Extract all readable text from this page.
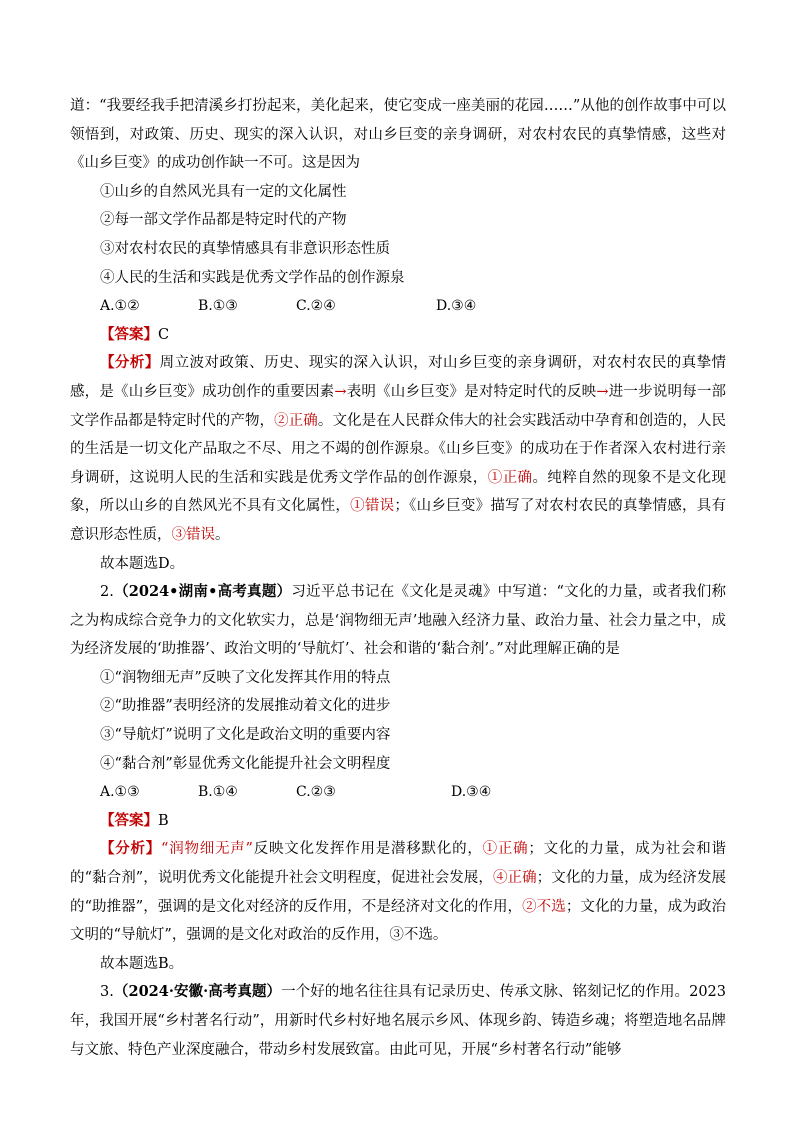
道：“我要经我手把清溪乡打扮起来，美化起来，使它变成一座美丽的花园……”从他的创作故事中可以领悟到，对政策、历史、现实的深入认识，对山乡巨变的亲身调研，对农村农民的真挚情感，这些对《山乡巨变》的成功创作缺一不可。这是因为

①山乡的自然风光具有一定的文化属性

②每一部文学作品都是特定时代的产物

③对农村农民的真挚情感具有非意识形态性质

④人民的生活和实践是优秀文学作品的创作源泉

A.①②	B.①③	C.②④	D.③④

【答案】C

【分析】周立波对政策、历史、现实的深入认识，对山乡巨变的亲身调研，对农村农民的真挚情感，是《山乡巨变》成功创作的重要因素→表明《山乡巨变》是对特定时代的反映→进一步说明每一部文学作品都是特定时代的产物，②正确。文化是在人民群众伟大的社会实践活动中孕育和创造的，人民的生活是一切文化产品取之不尽、用之不竭的创作源泉。《山乡巨变》的成功在于作者深入农村进行亲身调研，这说明人民的生活和实践是优秀文学作品的创作源泉，①正确。纯粹自然的现象不是文化现象，所以山乡的自然风光不具有文化属性，①错误；《山乡巨变》描写了对农村农民的真挚情感，具有意识形态性质，③错误。

故本题选D。

2.（2024•湖南•高考真题）习近平总书记在《文化是灵魂》中写道：“文化的力量，或者我们称之为构成综合竞争力的文化软实力，总是‘润物细无声’地融入经济力量、政治力量、社会力量之中，成为经济发展的‘助推器’、政治文明的‘导航灯’、社会和谐的‘黏合剂’。”对此理解正确的是

①“润物细无声”反映了文化发挥其作用的特点

②“助推器”表明经济的发展推动着文化的进步

③“导航灯”说明了文化是政治文明的重要内容

④“黏合剂”彰显优秀文化能提升社会文明程度

A.①③	B.①④	C.②③	D.③④

【答案】B

【分析】“润物细无声”反映文化发挥作用是潜移默化的，①正确；文化的力量，成为社会和谐的“黏合剂”，说明优秀文化能提升社会文明程度，促进社会发展，④正确；文化的力量，成为经济发展的“助推器”，强调的是文化对经济的反作用，不是经济对文化的作用，②不选；文化的力量，成为政治文明的“导航灯”，强调的是文化对政治的反作用，③不选。

故本题选B。

3.（2024·安徽·高考真题）一个好的地名往往具有记录历史、传承文脉、铭刻记忆的作用。2023年，我国开展“乡村著名行动”，用新时代乡村好地名展示乡风、体现乡韵、铸造乡魂；将塑造地名品牌与文旅、特色产业深度融合，带动乡村发展致富。由此可见，开展“乡村著名行动”能够
